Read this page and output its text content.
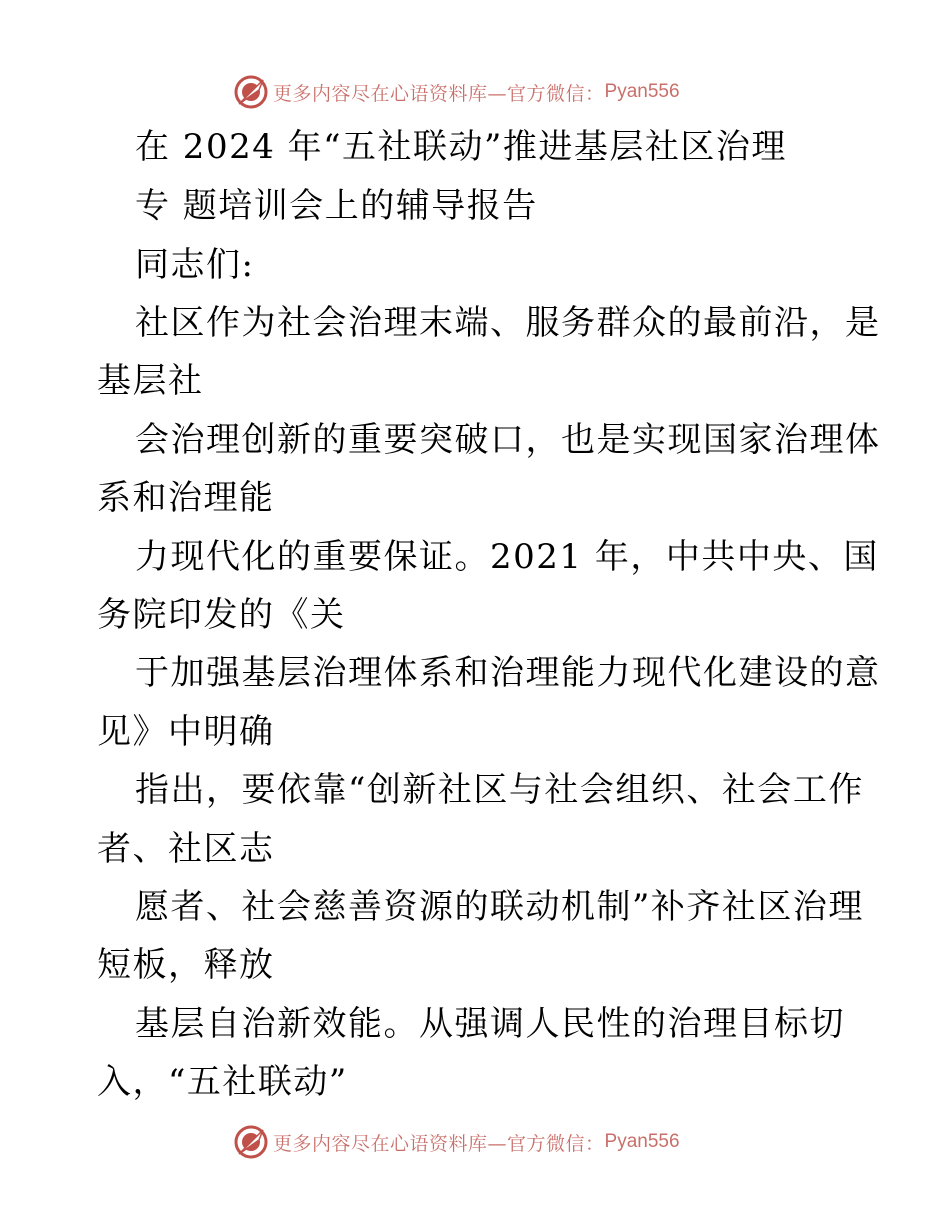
更多内容尽在心语资料库—官方微信： Pyan556
在 2024 年“五社联动”推进基层社区治理
专 题培训会上的辅导报告
同志们:
社区作为社会治理末端、服务群众的最前沿，是
基层社
会治理创新的重要突破口，也是实现国家治理体
系和治理能
力现代化的重要保证。2021 年，中共中央、国
务院印发的《关
于加强基层治理体系和治理能力现代化建设的意
见》中明确
指出，要依靠“创新社区与社会组织、社会工作
者、社区志
愿者、社会慈善资源的联动机制”补齐社区治理
短板，释放
基层自治新效能。从强调人民性的治理目标切
入，“五社联动”
更多内容尽在心语资料库—官方微信： Pyan556
